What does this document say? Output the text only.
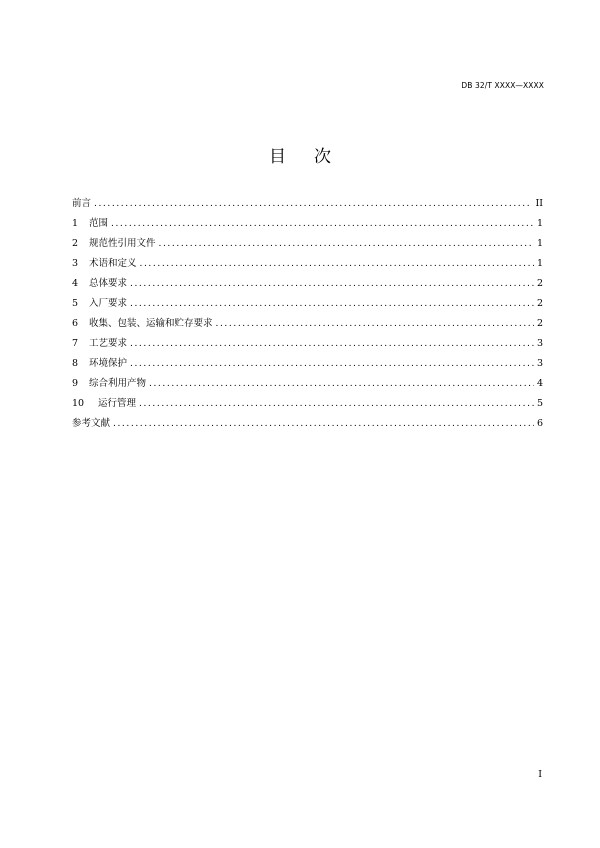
DB 32/T XXXX—XXXX
目次
前言 .....	II
1	范围 .....	1
2	规范性引用文件 .....	1
3	术语和定义 .....	1
4	总体要求 .....	2
5	入厂要求 .....	2
6	收集、包装、运输和贮存要求 .....	2
7	工艺要求 .....	3
8	环境保护 .....	3
9	综合利用产物 .....	4
10	运行管理 .....	5
参考文献 .....	6
I
